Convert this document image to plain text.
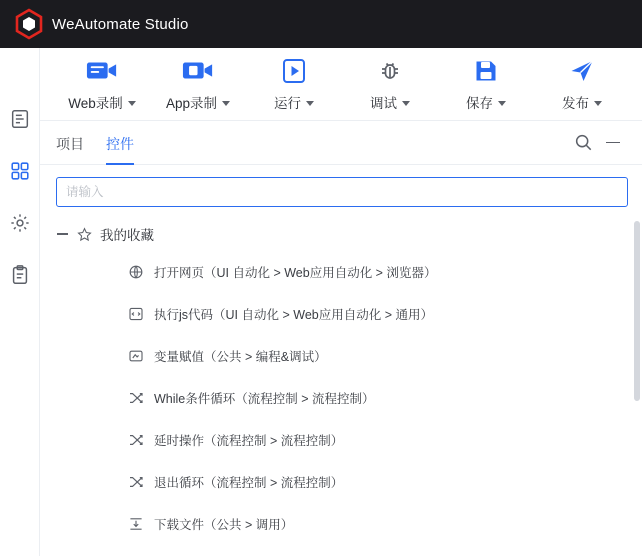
WeAutomate Studio
Web录制	App录制	运行	调试	保存	发布
项目 控件
请输入
我的收藏
打开网页（UI 自动化 > Web应用自动化 > 浏览器）
执行js代码（UI 自动化 > Web应用自动化 > 通用）
变量赋值（公共 > 编程&调试）
While条件循环（流程控制 > 流程控制）
延时操作（流程控制 > 流程控制）
退出循环（流程控制 > 流程控制）
下载文件（公共 > 调用）
